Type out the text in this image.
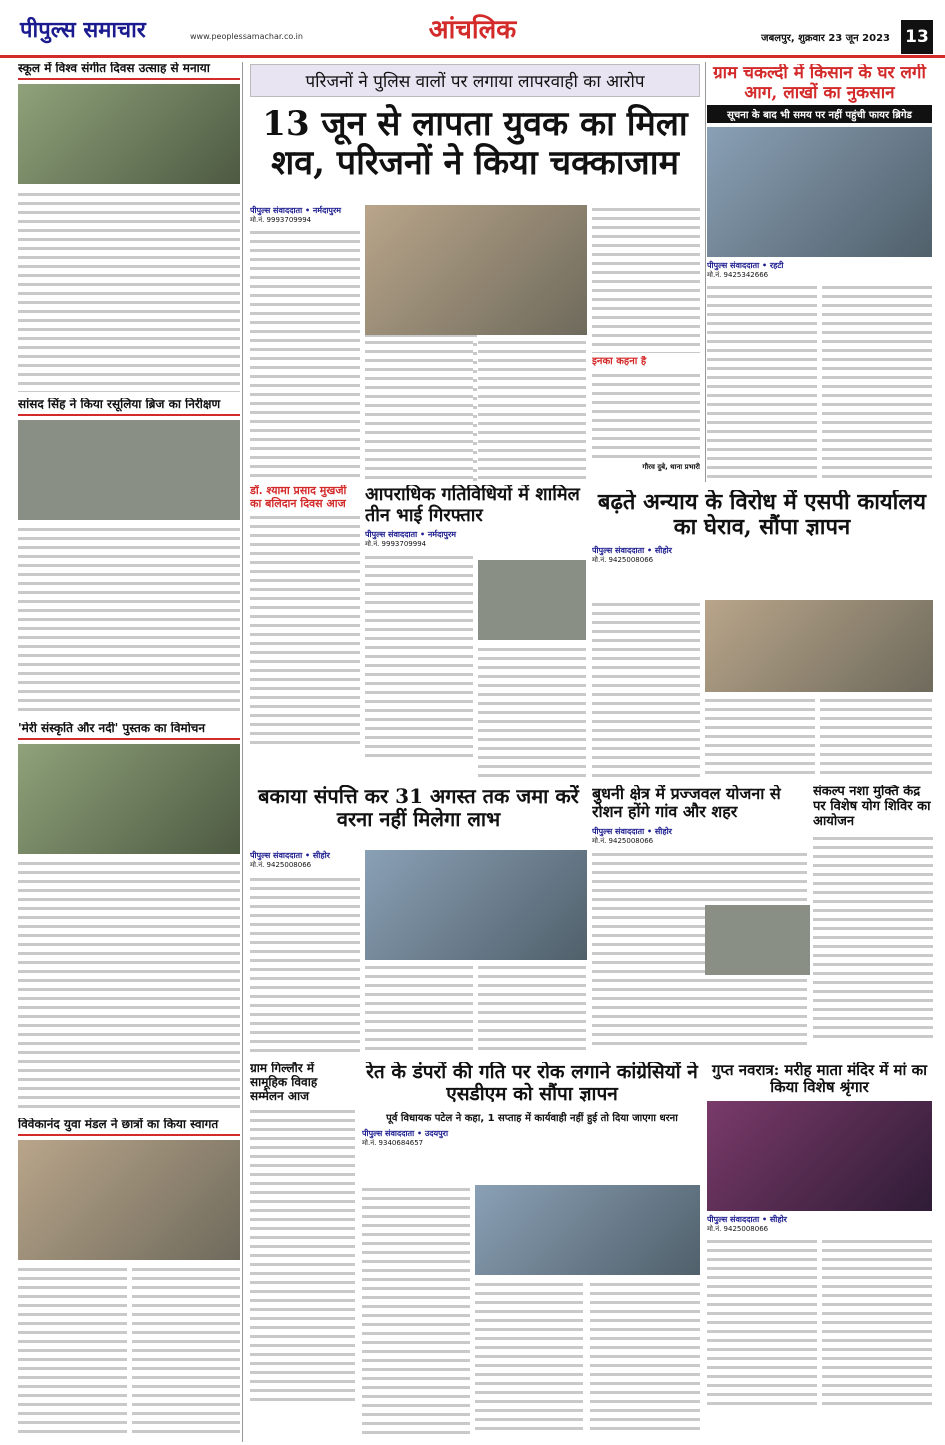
पीपुल्स समाचार	www.peoplessamachar.co.in	आंचलिक	जबलपुर, शुक्रवार 23 जून 2023 13
स्कूल में विश्व संगीत दिवस उत्साह से मनाया
परिजनों ने पुलिस वालों पर लगाया लापरवाही का आरोप
13 जून से लापता युवक का मिला शव, परिजनों ने किया चक्काजाम
पीपुल्स संवाददाता • नर्मदापुरम
मो.नं. 9993709994
इनका कहना है
गौरव दुबे, थाना प्रभारी
ग्राम चकल्दी में किसान के घर लगी आग, लाखों का नुकसान
सूचना के बाद भी समय पर नहीं पहुंची फायर ब्रिगेड
पीपुल्स संवाददाता • रहटी
मो.नं. 9425342666
सांसद सिंह ने किया रसूलिया ब्रिज का निरीक्षण
डॉ. श्यामा प्रसाद मुखर्जी का बलिदान दिवस आज	आपराधिक गतिविधियों में शामिल तीन भाई गिरफ्तार
पीपुल्स संवाददाता • नर्मदापुरम
मो.नं. 9993709994
बढ़ते अन्याय के विरोध में एसपी कार्यालय का घेराव, सौंपा ज्ञापन
पीपुल्स संवाददाता • सीहोर
मो.नं. 9425008066
'मेरी संस्कृति और नदी' पुस्तक का विमोचन
बकाया संपत्ति कर 31 अगस्त तक जमा करें वरना नहीं मिलेगा लाभ
पीपुल्स संवाददाता • सीहोर
मो.नं. 9425008066
बुधनी क्षेत्र में प्रज्जवल योजना से रोशन होंगे गांव और शहर
पीपुल्स संवाददाता • सीहोर
मो.नं. 9425008066
संकल्प नशा मुक्ति केंद्र पर विशेष योग शिविर का आयोजन
विवेकानंद युवा मंडल ने छात्रों का किया स्वागत
ग्राम गिल्लौर में सामूहिक विवाह सम्मेलन आज
रेत के डंपरों की गति पर रोक लगाने कांग्रेसियों ने एसडीएम को सौंपा ज्ञापन
पूर्व विधायक पटेल ने कहा, 1 सप्ताह में कार्यवाही नहीं हुई तो दिया जाएगा धरना
पीपुल्स संवाददाता • उदयपुरा
मो.नं. 9340684657
गुप्त नवरात्र: मरीह माता मंदिर में मां का किया विशेष श्रृंगार
पीपुल्स संवाददाता • सीहोर
मो.नं. 9425008066
